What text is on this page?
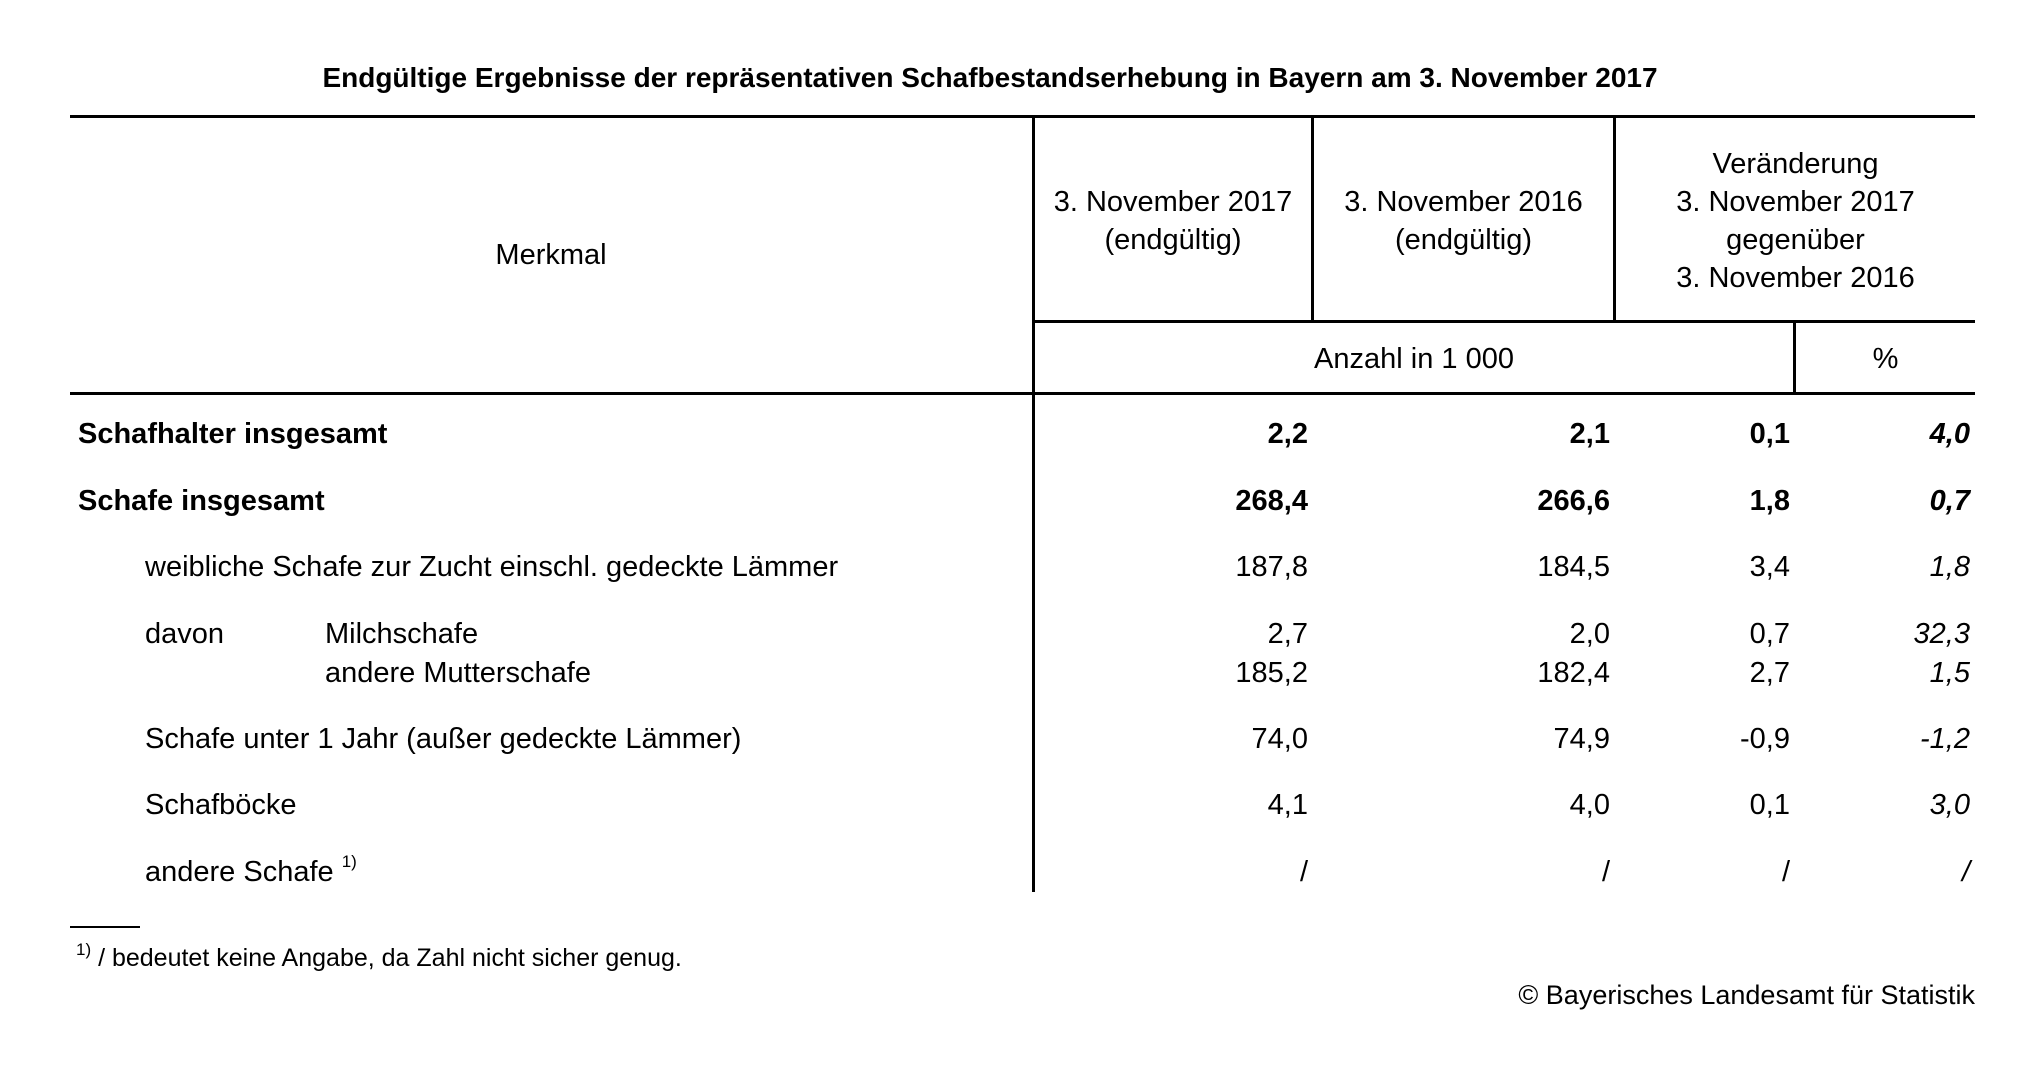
Endgültige Ergebnisse der repräsentativen Schafbestandserhebung in Bayern am 3. November 2017
Merkmal
3. November 2017
(endgültig)
3. November 2016
(endgültig)
Veränderung
3. November 2017
gegenüber
3. November 2016
Anzahl in 1 000	%
Schafhalter insgesamt	2,2	2,1	0,1	4,0
Schafe insgesamt	268,4	266,6	1,8	0,7
weibliche Schafe zur Zucht einschl. gedeckte Lämmer	187,8	184,5	3,4	1,8
davon	Milchschafe	2,7	2,0	0,7	32,3
andere Mutterschafe	185,2	182,4	2,7	1,5
Schafe unter 1 Jahr (außer gedeckte Lämmer)	74,0	74,9	-0,9	-1,2
Schafböcke	4,1	4,0	0,1	3,0
andere Schafe $^{1)}$	/	/	/	/
$^{1)}$ / bedeutet keine Angabe, da Zahl nicht sicher genug.
© Bayerisches Landesamt für Statistik
